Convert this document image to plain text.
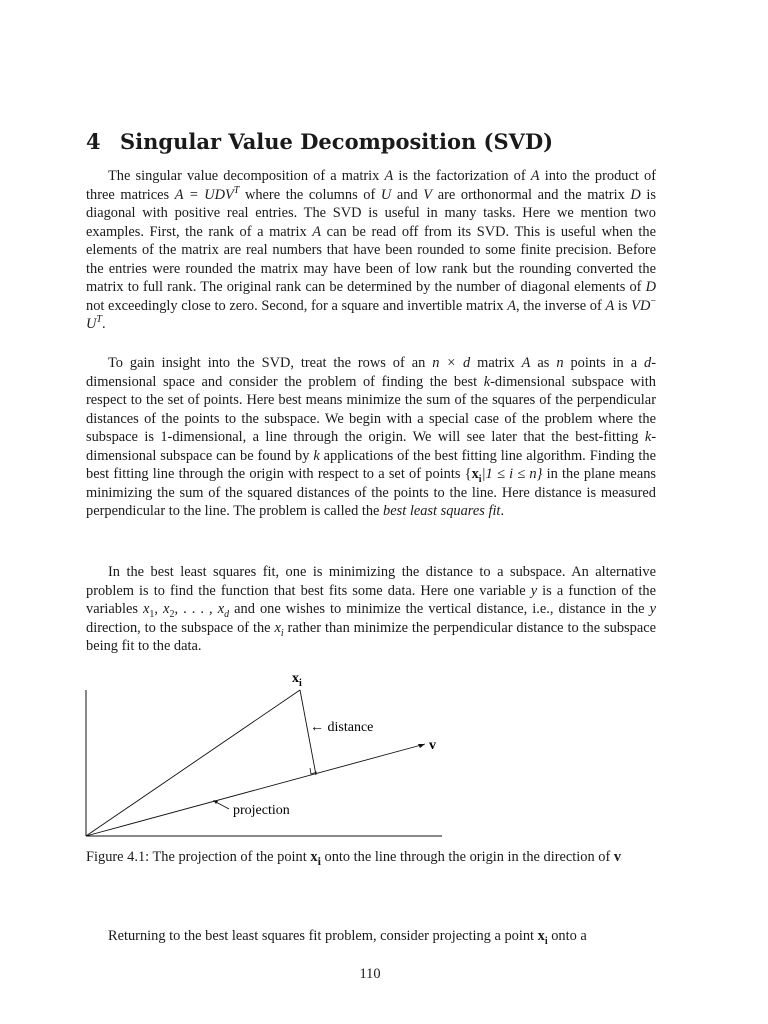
4 Singular Value Decomposition (SVD)

The singular value decomposition of a matrix A is the factorization of A into the product of three matrices $A = UDV^T$ where the columns of U and V are orthonormal and the matrix D is diagonal with positive real entries. The SVD is useful in many tasks. Here we mention two examples. First, the rank of a matrix A can be read off from its SVD. This is useful when the elements of the matrix are real numbers that have been rounded to some finite precision. Before the entries were rounded the matrix may have been of low rank but the rounding converted the matrix to full rank. The original rank can be determined by the number of diagonal elements of D not exceedingly close to zero. Second, for a square and invertible matrix A, the inverse of A is VD− $U^T$.

To gain insight into the SVD, treat the rows of an n × d matrix A as n points in a d-dimensional space and consider the problem of finding the best k-dimensional subspace with respect to the set of points. Here best means minimize the sum of the squares of the perpendicular distances of the points to the subspace. We begin with a special case of the problem where the subspace is 1-dimensional, a line through the origin. We will see later that the best-fitting k-dimensional subspace can be found by k applications of the best fitting line algorithm. Finding the best fitting line through the origin with respect to a set of points $\{x_i|1 \le i \le n\}$ in the plane means minimizing the sum of the squared distances of the points to the line. Here distance is measured perpendicular to the line. The problem is called the best least squares fit.

In the best least squares fit, one is minimizing the distance to a subspace. An alternative problem is to find the function that best fits some data. Here one variable y is a function of the variables $x_1$, $x_2$, . . . , $x_d$ and one wishes to minimize the vertical distance, i.e., distance in the y direction, to the subspace of the $x_i$ rather than minimize the perpendicular distance to the subspace being fit to the data.

$x_i$
← distance
v
projection

Figure 4.1: The projection of the point $x_i$ onto the line through the origin in the direction of v

Returning to the best least squares fit problem, consider projecting a point $x_i$ onto a

110
